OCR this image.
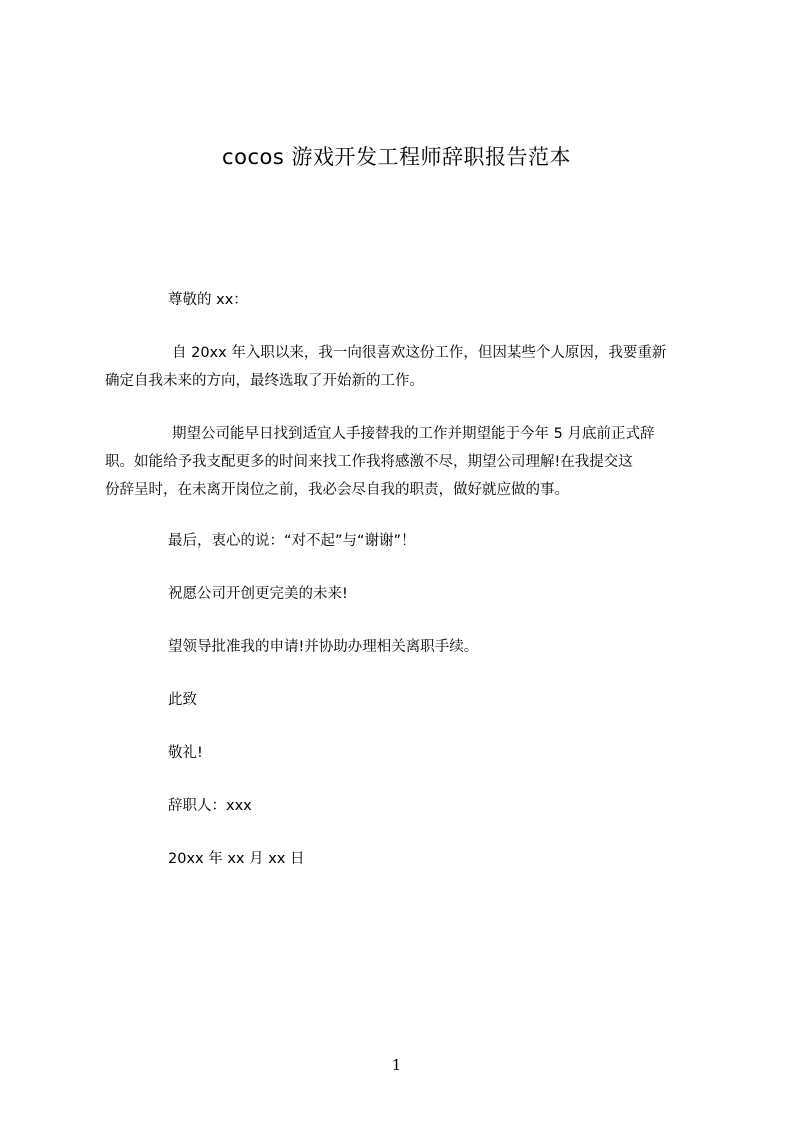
cocos 游戏开发工程师辞职报告范本
尊敬的 xx：
自 20xx 年入职以来，我一向很喜欢这份工作，但因某些个人原因，我要重新
确定自我未来的方向，最终选取了开始新的工作。
期望公司能早日找到适宜人手接替我的工作并期望能于今年 5 月底前正式辞
职。如能给予我支配更多的时间来找工作我将感激不尽，期望公司理解!在我提交这
份辞呈时，在未离开岗位之前，我必会尽自我的职责，做好就应做的事。
最后，衷心的说：“对不起”与“谢谢”！
祝愿公司开创更完美的未来!
望领导批准我的申请!并协助办理相关离职手续。
此致
敬礼!
辞职人：xxx
20xx 年 xx 月 xx 日
1
